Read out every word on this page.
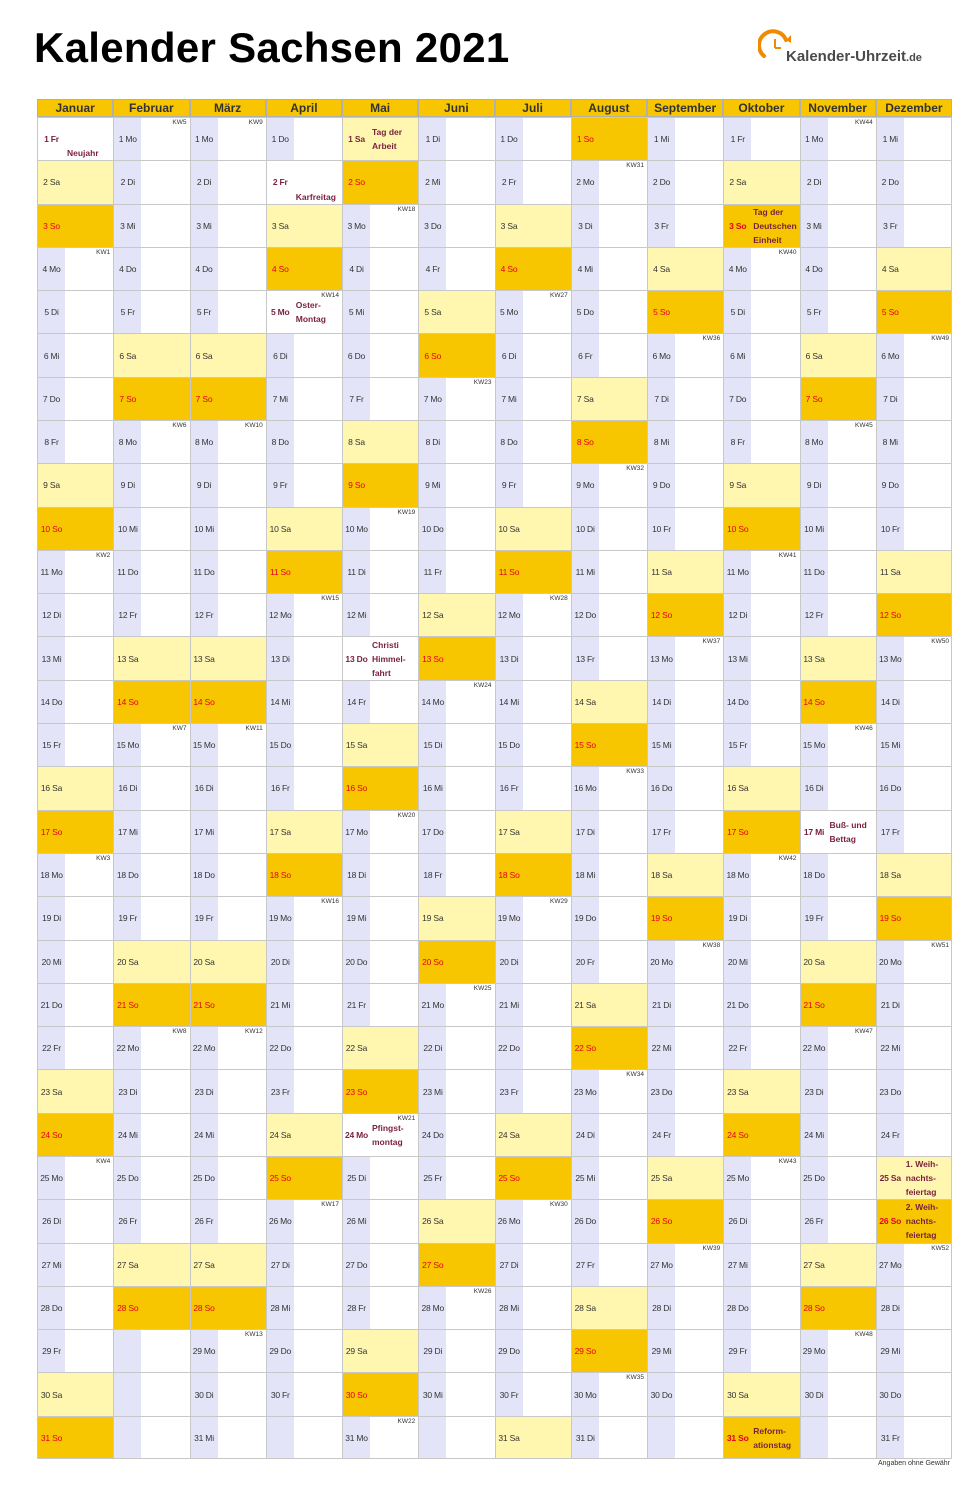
Kalender Sachsen 2021	Kalender-Uhrzeit.de
Januar
1 Fr
Neujahr
2 Sa
3 So
4 Mo
KW1
5 Di
6 Mi
7 Do
8 Fr
9 Sa
10 So
11 Mo
KW2
12 Di
13 Mi
14 Do
15 Fr
16 Sa
17 So
18 Mo
KW3
19 Di
20 Mi
21 Do
22 Fr
23 Sa
24 So
25 Mo
KW4
26 Di
27 Mi
28 Do
29 Fr
30 Sa
31 So
Februar
1 Mo
KW5
2 Di
3 Mi
4 Do
5 Fr
6 Sa
7 So
8 Mo
KW6
9 Di
10 Mi
11 Do
12 Fr
13 Sa
14 So
15 Mo
KW7
16 Di
17 Mi
18 Do
19 Fr
20 Sa
21 So
22 Mo
KW8
23 Di
24 Mi
25 Do
26 Fr
27 Sa
28 So
März
1 Mo
KW9
2 Di
3 Mi
4 Do
5 Fr
6 Sa
7 So
8 Mo
KW10
9 Di
10 Mi
11 Do
12 Fr
13 Sa
14 So
15 Mo
KW11
16 Di
17 Mi
18 Do
19 Fr
20 Sa
21 So
22 Mo
KW12
23 Di
24 Mi
25 Do
26 Fr
27 Sa
28 So
29 Mo
KW13
30 Di
31 Mi
April
1 Do
2 Fr
Karfreitag
3 Sa
4 So
5 Mo
Oster-
Montag
KW14
6 Di
7 Mi
8 Do
9 Fr
10 Sa
11 So
12 Mo
KW15
13 Di
14 Mi
15 Do
16 Fr
17 Sa
18 So
19 Mo
KW16
20 Di
21 Mi
22 Do
23 Fr
24 Sa
25 So
26 Mo
KW17
27 Di
28 Mi
29 Do
30 Fr
Mai
1 Sa
Tag der
Arbeit
2 So
3 Mo
KW18
4 Di
5 Mi
6 Do
7 Fr
8 Sa
9 So
10 Mo
KW19
11 Di
12 Mi
13 Do
Christi
Himmel-
fahrt
14 Fr
15 Sa
16 So
17 Mo
KW20
18 Di
19 Mi
20 Do
21 Fr
22 Sa
23 So
24 Mo
Pfingst-
montag
KW21
25 Di
26 Mi
27 Do
28 Fr
29 Sa
30 So
31 Mo
KW22
Juni
1 Di
2 Mi
3 Do
4 Fr
5 Sa
6 So
7 Mo
KW23
8 Di
9 Mi
10 Do
11 Fr
12 Sa
13 So
14 Mo
KW24
15 Di
16 Mi
17 Do
18 Fr
19 Sa
20 So
21 Mo
KW25
22 Di
23 Mi
24 Do
25 Fr
26 Sa
27 So
28 Mo
KW26
29 Di
30 Mi
Juli
1 Do
2 Fr
3 Sa
4 So
5 Mo
KW27
6 Di
7 Mi
8 Do
9 Fr
10 Sa
11 So
12 Mo
KW28
13 Di
14 Mi
15 Do
16 Fr
17 Sa
18 So
19 Mo
KW29
20 Di
21 Mi
22 Do
23 Fr
24 Sa
25 So
26 Mo
KW30
27 Di
28 Mi
29 Do
30 Fr
31 Sa
August
1 So
2 Mo
KW31
3 Di
4 Mi
5 Do
6 Fr
7 Sa
8 So
9 Mo
KW32
10 Di
11 Mi
12 Do
13 Fr
14 Sa
15 So
16 Mo
KW33
17 Di
18 Mi
19 Do
20 Fr
21 Sa
22 So
23 Mo
KW34
24 Di
25 Mi
26 Do
27 Fr
28 Sa
29 So
30 Mo
KW35
31 Di
September
1 Mi
2 Do
3 Fr
4 Sa
5 So
6 Mo
KW36
7 Di
8 Mi
9 Do
10 Fr
11 Sa
12 So
13 Mo
KW37
14 Di
15 Mi
16 Do
17 Fr
18 Sa
19 So
20 Mo
KW38
21 Di
22 Mi
23 Do
24 Fr
25 Sa
26 So
27 Mo
KW39
28 Di
29 Mi
30 Do
Oktober
1 Fr
2 Sa
3 So
Tag der
Deutschen
Einheit
4 Mo
KW40
5 Di
6 Mi
7 Do
8 Fr
9 Sa
10 So
11 Mo
KW41
12 Di
13 Mi
14 Do
15 Fr
16 Sa
17 So
18 Mo
KW42
19 Di
20 Mi
21 Do
22 Fr
23 Sa
24 So
25 Mo
KW43
26 Di
27 Mi
28 Do
29 Fr
30 Sa
31 So
Reform-
ationstag
November
1 Mo
KW44
2 Di
3 Mi
4 Do
5 Fr
6 Sa
7 So
8 Mo
KW45
9 Di
10 Mi
11 Do
12 Fr
13 Sa
14 So
15 Mo
KW46
16 Di
17 Mi
Buß- und
Bettag
18 Do
19 Fr
20 Sa
21 So
22 Mo
KW47
23 Di
24 Mi
25 Do
26 Fr
27 Sa
28 So
29 Mo
KW48
30 Di
Dezember
1 Mi
2 Do
3 Fr
4 Sa
5 So
6 Mo
KW49
7 Di
8 Mi
9 Do
10 Fr
11 Sa
12 So
13 Mo
KW50
14 Di
15 Mi
16 Do
17 Fr
18 Sa
19 So
20 Mo
KW51
21 Di
22 Mi
23 Do
24 Fr
25 Sa
1. Weih-
nachts-
feiertag
26 So
2. Weih-
nachts-
feiertag
27 Mo
KW52
28 Di
29 Mi
30 Do
31 Fr
Angaben ohne Gewähr
